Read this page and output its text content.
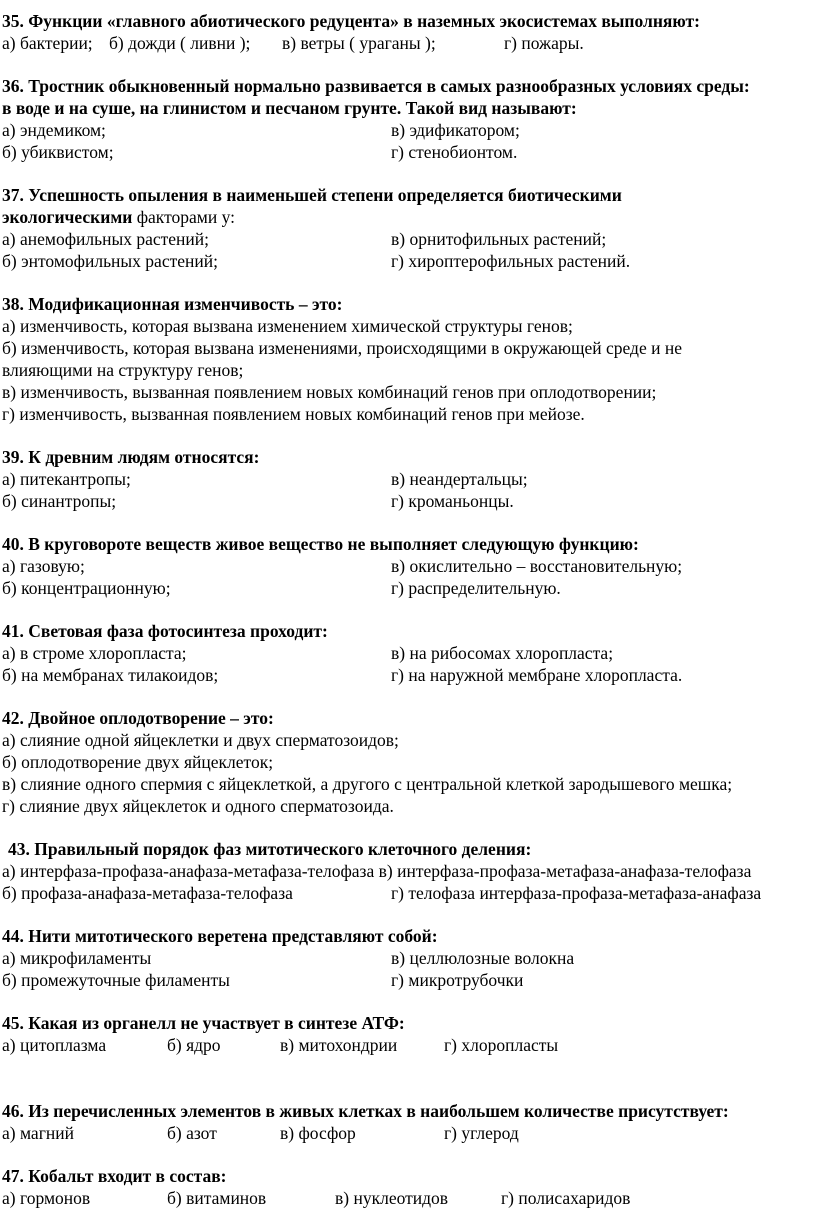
35. Функции «главного абиотического редуцента» в наземных экосистемах выполняют:
а) бактерии; б) дожди ( ливни );	в) ветры ( ураганы );	г) пожары.
36. Тростник обыкновенный нормально развивается в самых разнообразных условиях среды:
в воде и на суше, на глинистом и песчаном грунте. Такой вид называют:
а) эндемиком;	в) эдификатором;
б) убиквистом;	г) стенобионтом.
37. Успешность опыления в наименьшей степени определяется биотическими
экологическими факторами у:
а) анемофильных растений;	в) орнитофильных растений;
б) энтомофильных растений;	г) хироптерофильных растений.
38. Модификационная изменчивость – это:
а) изменчивость, которая вызвана изменением химической структуры генов;
б) изменчивость, которая вызвана изменениями, происходящими в окружающей среде и не
влияющими на структуру генов;
в) изменчивость, вызванная появлением новых комбинаций генов при оплодотворении;
г) изменчивость, вызванная появлением новых комбинаций генов при мейозе.
39. К древним людям относятся:
а) питекантропы;	в) неандертальцы;
б) синантропы;	г) кроманьонцы.
40. В круговороте веществ живое вещество не выполняет следующую функцию:
а) газовую;	в) окислительно – восстановительную;
б) концентрационную;	г) распределительную.
41. Световая фаза фотосинтеза проходит:
а) в строме хлоропласта;	в) на рибосомах хлоропласта;
б) на мембранах тилакоидов;	г) на наружной мембране хлоропласта.
42. Двойное оплодотворение – это:
а) слияние одной яйцеклетки и двух сперматозоидов;
б) оплодотворение двух яйцеклеток;
в) слияние одного спермия с яйцеклеткой, а другого с центральной клеткой зародышевого мешка;
г) слияние двух яйцеклеток и одного сперматозоида.
43. Правильный порядок фаз митотического клеточного деления:
а) интерфаза-профаза-анафаза-метафаза-телофаза в) интерфаза-профаза-метафаза-анафаза-телофаза
б) профаза-анафаза-метафаза-телофаза	г) телофаза интерфаза-профаза-метафаза-анафаза
44. Нити митотического веретена представляют собой:
а) микрофиламенты	в) целлюлозные волокна
б) промежуточные филаменты	г) микротрубочки
45. Какая из органелл не участвует в синтезе АТФ:
а) цитоплазма	б) ядро	в) митохондрии	г) хлоропласты
46. Из перечисленных элементов в живых клетках в наибольшем количестве присутствует:
а) магний	б) азот	в) фосфор	г) углерод
47. Кобальт входит в состав:
а) гормонов	б) витаминов	в) нуклеотидов	г) полисахаридов
